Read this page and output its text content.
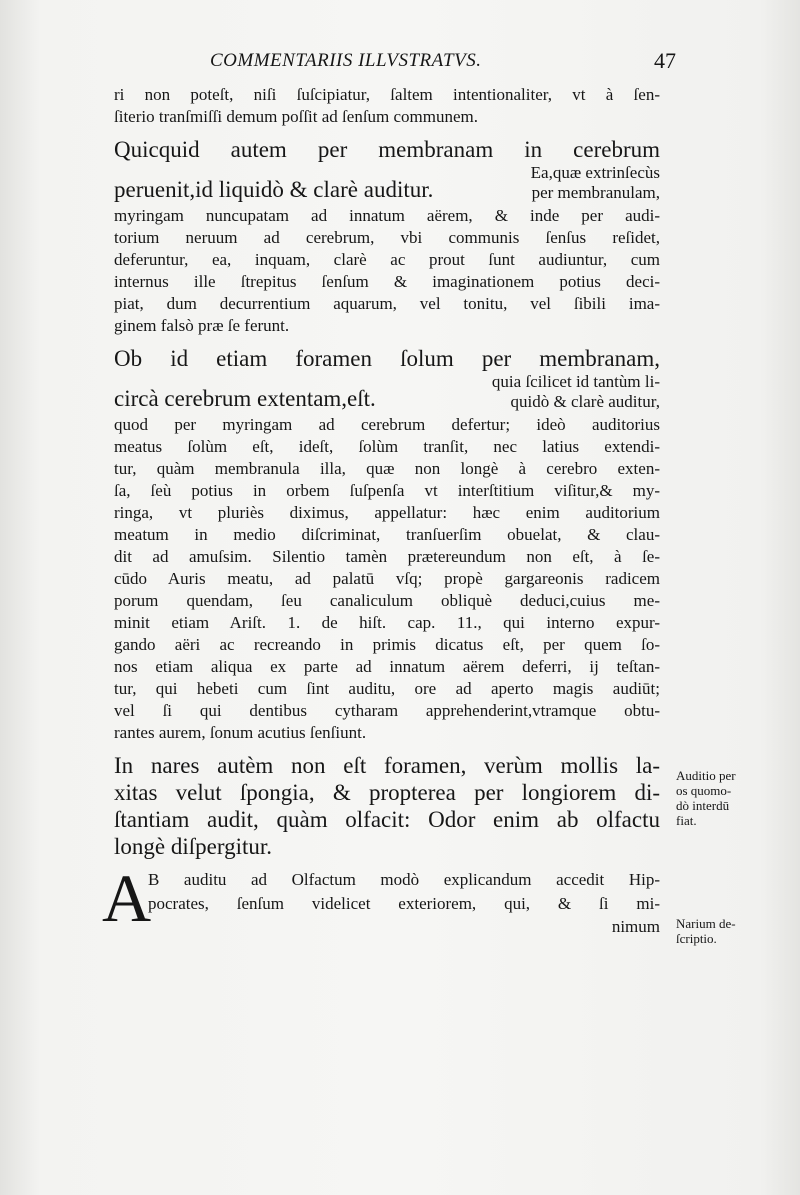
COMMENTARIIS ILLVSTRATVS.	47
ri non poteſt, niſi ſuſcipiatur, ſaltem intentionaliter, vt à ſen-
ſiterio tranſmiſſi demum poſſit ad ſenſum communem.
Quicquid autem per membranam in cerebrum
peruenit,id liquidò & clarè auditur.
Ea,quæ extrinſecùs
per membranulam,
myringam nuncupatam ad innatum aërem, & inde per audi-
torium neruum ad cerebrum, vbi communis ſenſus reſidet,
deferuntur, ea, inquam, clarè ac prout ſunt audiuntur, cum
internus ille ſtrepitus ſenſum & imaginationem potius deci-
piat, dum decurrentium aquarum, vel tonitu, vel ſibili ima-
ginem falsò præ ſe ferunt.
Ob id etiam foramen ſolum per membranam,
circà cerebrum extentam,eſt.
quia ſcilicet id tantùm li-
quidò & clarè auditur,
quod per myringam ad cerebrum defertur; ideò auditorius
meatus ſolùm eſt, ideſt, ſolùm tranſit, nec latius extendi-
tur, quàm membranula illa, quæ non longè à cerebro exten-
ſa, ſeù potius in orbem ſuſpenſa vt interſtitium viſitur,& my-
ringa, vt pluriès diximus, appellatur: hæc enim auditorium
meatum in medio diſcriminat, tranſuerſim obuelat, & clau-
dit ad amuſsim. Silentio tamèn prætereundum non eſt, à ſe-
cūdo Auris meatu, ad palatū vſq; propè gargareonis radicem
porum quendam, ſeu canaliculum obliquè deduci,cuius me-
minit etiam Ariſt. 1. de hiſt. cap. 11., qui interno expur-
gando aëri ac recreando in primis dicatus eſt, per quem ſo-
nos etiam aliqua ex parte ad innatum aërem deferri, ij teſtan-
tur, qui hebeti cum ſint auditu, ore ad aperto magis audiūt;
vel ſi qui dentibus cytharam apprehenderint,vtramque obtu-
rantes aurem, ſonum acutius ſenſiunt.
In nares autèm non eſt foramen, verùm mollis la-
xitas velut ſpongia, & propterea per longiorem di-
ſtantiam audit, quàm olfacit: Odor enim ab olfactu
longè diſpergitur.
A
B auditu ad Olfactum modò explicandum accedit Hip-
pocrates, ſenſum videlicet exteriorem, qui, & ſi mi-
nimum
Auditio per
os quomo-
dò interdū
fiat.
Narium de-
ſcriptio.
